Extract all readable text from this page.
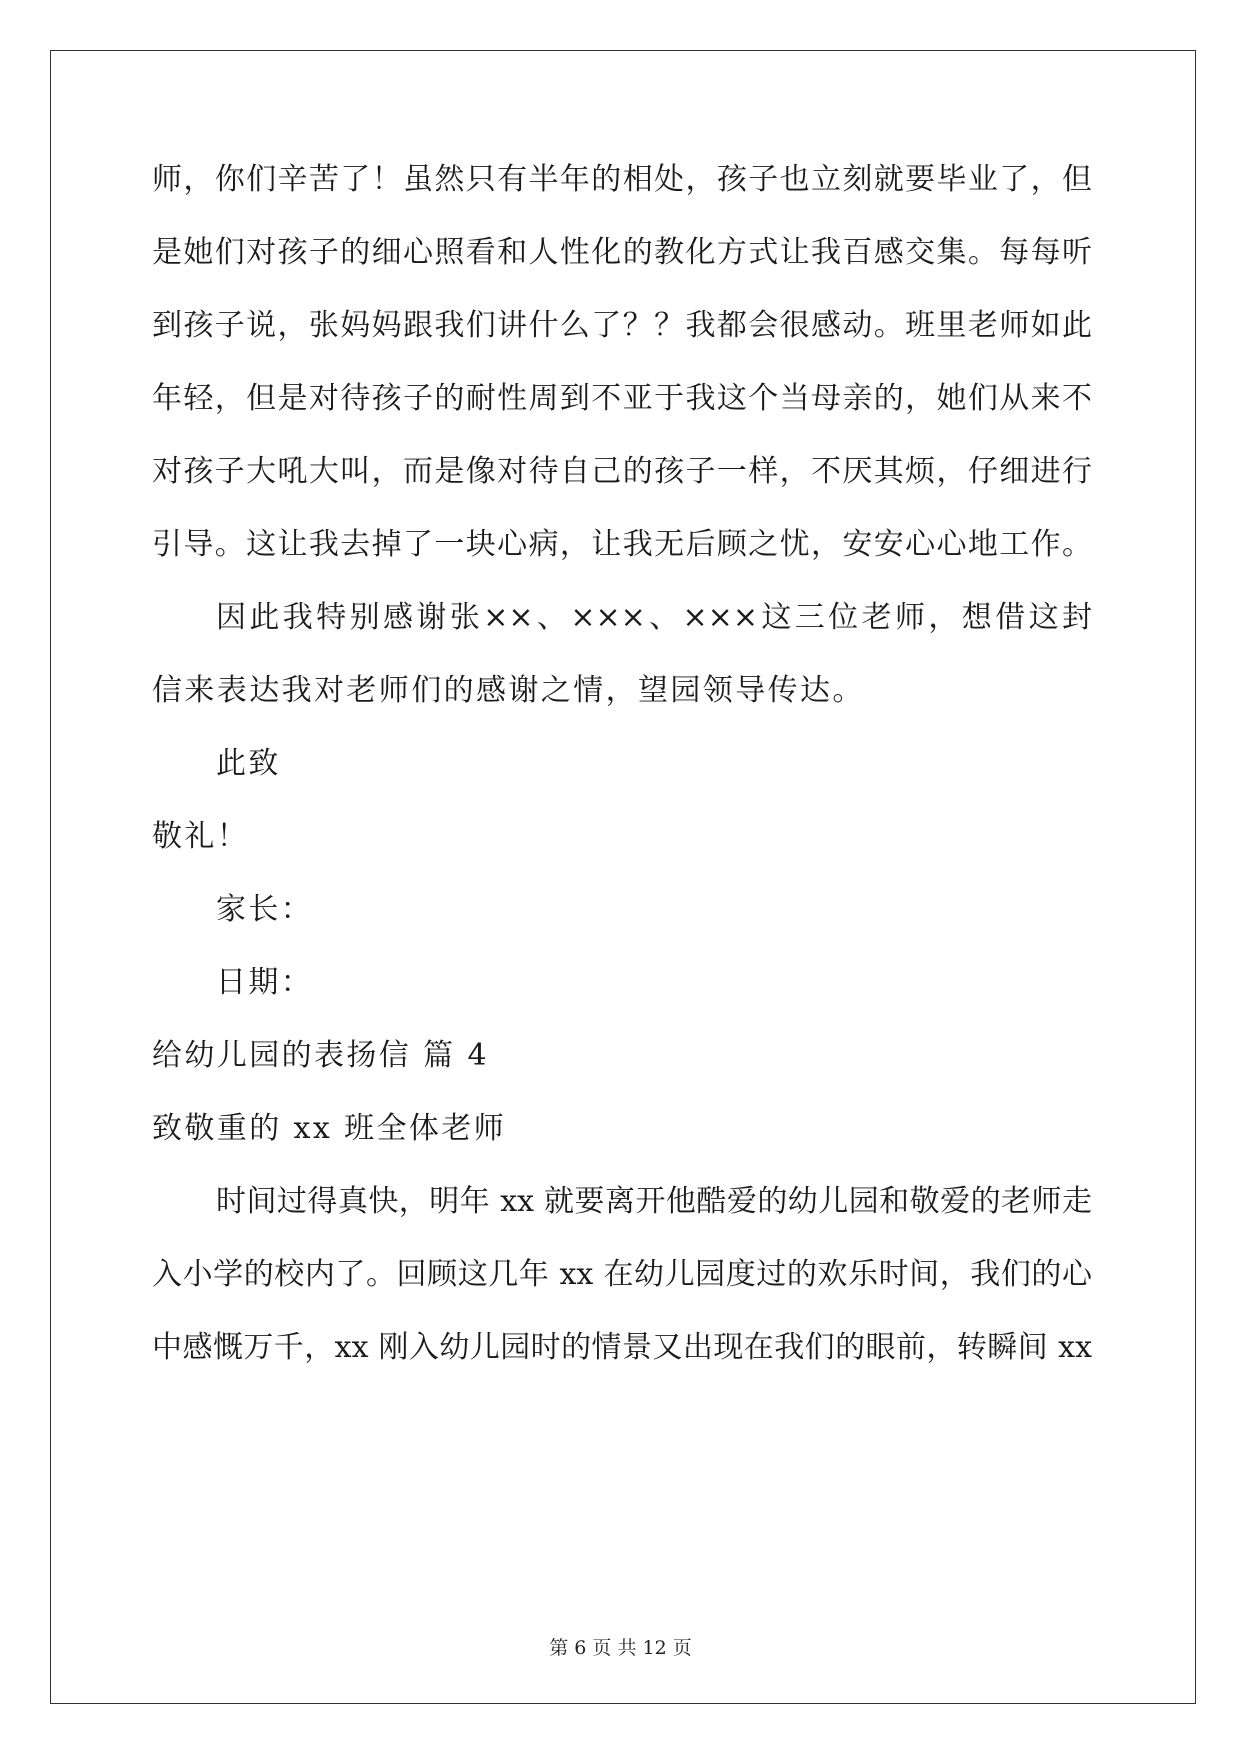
师，你们辛苦了！虽然只有半年的相处，孩子也立刻就要毕业了，但
是她们对孩子的细心照看和人性化的教化方式让我百感交集。每每听
到孩子说，张妈妈跟我们讲什么了？？我都会很感动。班里老师如此
年轻，但是对待孩子的耐性周到不亚于我这个当母亲的，她们从来不
对孩子大吼大叫，而是像对待自己的孩子一样，不厌其烦，仔细进行
引导。这让我去掉了一块心病，让我无后顾之忧，安安心心地工作。
因此我特别感谢张××、×××、×××这三位老师，想借这封
信来表达我对老师们的感谢之情，望园领导传达。
此致
敬礼！
家长：
日期：
给幼儿园的表扬信 篇 4
致敬重的 xx 班全体老师
时间过得真快，明年 xx 就要离开他酷爱的幼儿园和敬爱的老师走
入小学的校内了。回顾这几年 xx 在幼儿园度过的欢乐时间，我们的心
中感慨万千，xx 刚入幼儿园时的情景又出现在我们的眼前，转瞬间 xx
第 6 页 共 12 页
